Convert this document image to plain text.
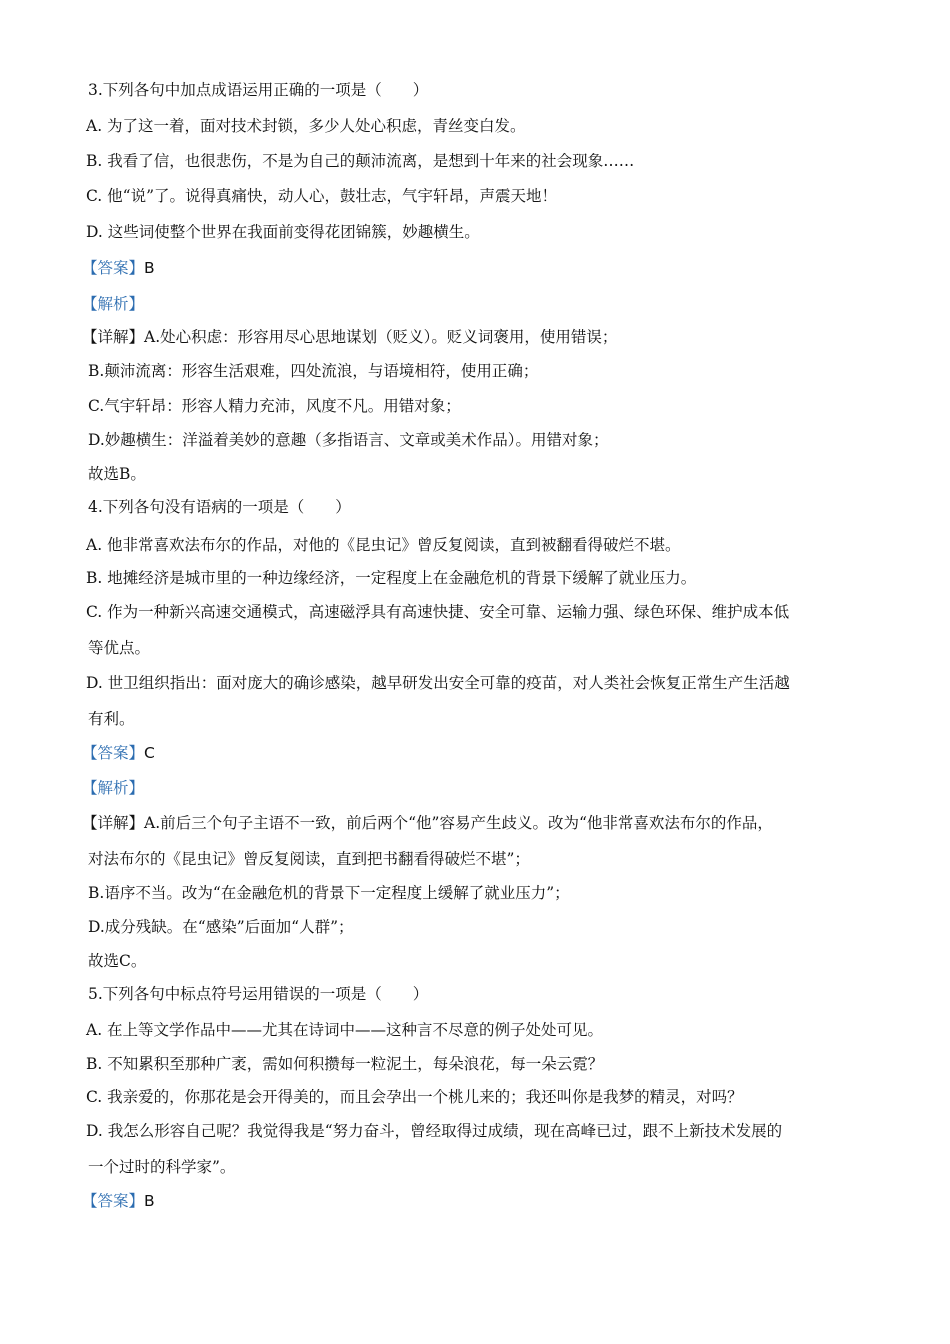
3.下列各句中加点成语运用正确的一项是（　　）
A. 为了这一着，面对技术封锁，多少人处心积虑，青丝变白发。
B. 我看了信，也很悲伤，不是为自己的颠沛流离，是想到十年来的社会现象……
C. 他“说”了。说得真痛快，动人心，鼓壮志，气宇轩昂，声震天地！
D. 这些词使整个世界在我面前变得花团锦簇，妙趣横生。
【答案】B
【解析】
【详解】A.处心积虑：形容用尽心思地谋划（贬义）。贬义词褒用，使用错误；
B.颠沛流离：形容生活艰难，四处流浪，与语境相符，使用正确；
C.气宇轩昂：形容人精力充沛，风度不凡。用错对象；
D.妙趣横生：洋溢着美妙的意趣（多指语言、文章或美术作品）。用错对象；
故选B。
4.下列各句没有语病的一项是（　　）
A. 他非常喜欢法布尔的作品，对他的《昆虫记》曾反复阅读，直到被翻看得破烂不堪。
B. 地摊经济是城市里的一种边缘经济，一定程度上在金融危机的背景下缓解了就业压力。
C. 作为一种新兴高速交通模式，高速磁浮具有高速快捷、安全可靠、运输力强、绿色环保、维护成本低
等优点。
D. 世卫组织指出：面对庞大的确诊感染，越早研发出安全可靠的疫苗，对人类社会恢复正常生产生活越
有利。
【答案】C
【解析】
【详解】A.前后三个句子主语不一致，前后两个“他”容易产生歧义。改为“他非常喜欢法布尔的作品，
对法布尔的《昆虫记》曾反复阅读，直到把书翻看得破烂不堪”；
B.语序不当。改为“在金融危机的背景下一定程度上缓解了就业压力”；
D.成分残缺。在“感染”后面加“人群”；
故选C。
5.下列各句中标点符号运用错误的一项是（　　）
A. 在上等文学作品中——尤其在诗词中——这种言不尽意的例子处处可见。
B. 不知累积至那种广袤，需如何积攒每一粒泥土，每朵浪花，每一朵云霓？
C. 我亲爱的，你那花是会开得美的，而且会孕出一个桃儿来的；我还叫你是我梦的精灵，对吗？
D. 我怎么形容自己呢？我觉得我是“努力奋斗，曾经取得过成绩，现在高峰已过，跟不上新技术发展的
一个过时的科学家”。
【答案】B
